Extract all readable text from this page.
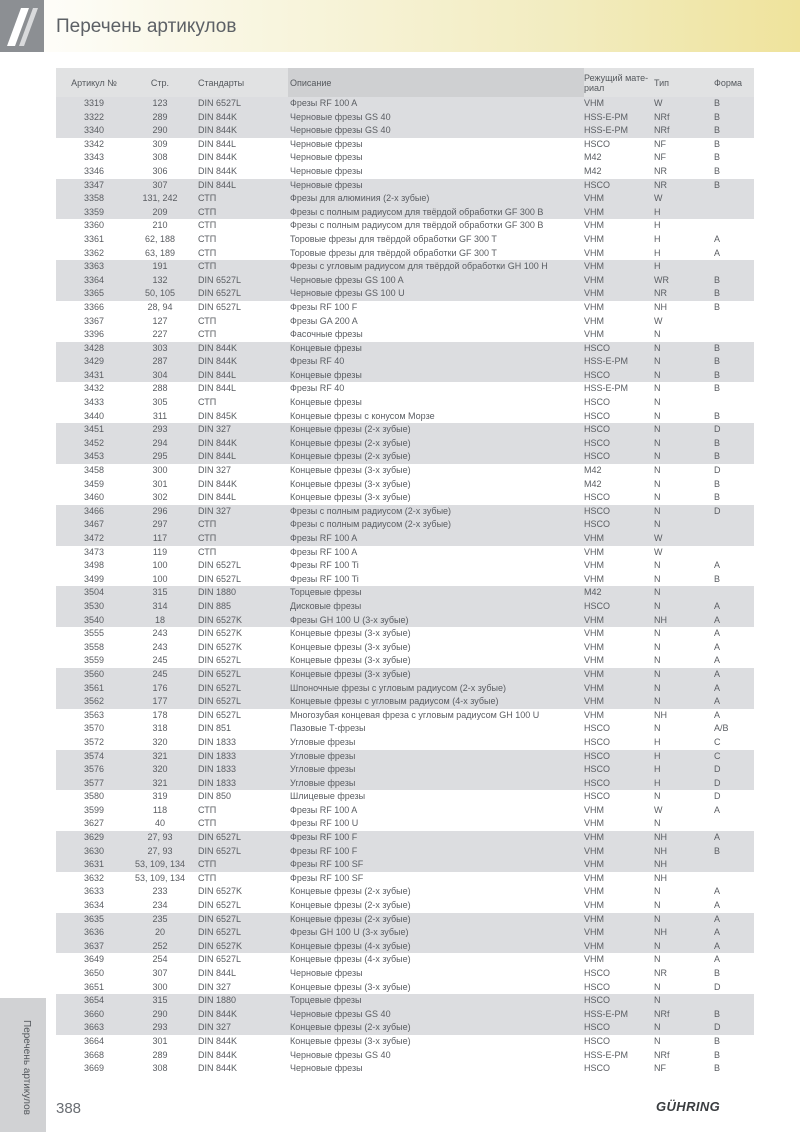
Перечень артикулов
Артикул №	Стр.	Стандарты	Описание	Режущий мате-риал	Тип	Форма
3319	123	DIN 6527L	Фрезы RF 100 A	VHM	W	B
3322	289	DIN 844K	Черновые фрезы GS 40	HSS-E-PM	NRf	B
3340	290	DIN 844K	Черновые фрезы GS 40	HSS-E-PM	NRf	B
3342	309	DIN 844L	Черновые фрезы	HSCO	NF	B
3343	308	DIN 844K	Черновые фрезы	M42	NF	B
3346	306	DIN 844K	Черновые фрезы	M42	NR	B
3347	307	DIN 844L	Черновые фрезы	HSCO	NR	B
3358	131, 242	СТП	Фрезы для алюминия (2-х зубые)	VHM	W	
3359	209	СТП	Фрезы с полным радиусом для твёрдой обработки GF 300 B	VHM	H	
3360	210	СТП	Фрезы с полным радиусом для твёрдой обработки GF 300 B	VHM	H	
3361	62, 188	СТП	Торовые фрезы для твёрдой обработки GF 300 T	VHM	H	A
3362	63, 189	СТП	Торовые фрезы для твёрдой обработки GF 300 T	VHM	H	A
3363	191	СТП	Фрезы с угловым радиусом для твёрдой обработки GH 100 H	VHM	H	
3364	132	DIN 6527L	Черновые фрезы GS 100 A	VHM	WR	B
3365	50, 105	DIN 6527L	Черновые фрезы GS 100 U	VHM	NR	B
3366	28, 94	DIN 6527L	Фрезы RF 100 F	VHM	NH	B
3367	127	СТП	Фрезы GA 200 A	VHM	W	
3396	227	СТП	Фасочные фрезы	VHM	N	
3428	303	DIN 844K	Концевые фрезы	HSCO	N	B
3429	287	DIN 844K	Фрезы RF 40	HSS-E-PM	N	B
3431	304	DIN 844L	Концевые фрезы	HSCO	N	B
3432	288	DIN 844L	Фрезы RF 40	HSS-E-PM	N	B
3433	305	СТП	Концевые фрезы	HSCO	N	
3440	311	DIN 845K	Концевые фрезы с конусом Морзе	HSCO	N	B
3451	293	DIN 327	Концевые фрезы (2-х зубые)	HSCO	N	D
3452	294	DIN 844K	Концевые фрезы (2-х зубые)	HSCO	N	B
3453	295	DIN 844L	Концевые фрезы (2-х зубые)	HSCO	N	B
3458	300	DIN 327	Концевые фрезы (3-х зубые)	M42	N	D
3459	301	DIN 844K	Концевые фрезы (3-х зубые)	M42	N	B
3460	302	DIN 844L	Концевые фрезы (3-х зубые)	HSCO	N	B
3466	296	DIN 327	Фрезы с полным радиусом (2-х зубые)	HSCO	N	D
3467	297	СТП	Фрезы с полным радиусом (2-х зубые)	HSCO	N	
3472	117	СТП	Фрезы RF 100 A	VHM	W	
3473	119	СТП	Фрезы RF 100 A	VHM	W	
3498	100	DIN 6527L	Фрезы RF 100 Ti	VHM	N	A
3499	100	DIN 6527L	Фрезы RF 100 Ti	VHM	N	B
3504	315	DIN 1880	Торцевые фрезы	M42	N	
3530	314	DIN 885	Дисковые фрезы	HSCO	N	A
3540	18	DIN 6527K	Фрезы GH 100 U (3-х зубые)	VHM	NH	A
3555	243	DIN 6527K	Концевые фрезы (3-х зубые)	VHM	N	A
3558	243	DIN 6527K	Концевые фрезы (3-х зубые)	VHM	N	A
3559	245	DIN 6527L	Концевые фрезы (3-х зубые)	VHM	N	A
3560	245	DIN 6527L	Концевые фрезы (3-х зубые)	VHM	N	A
3561	176	DIN 6527L	Шпоночные фрезы с угловым радиусом (2-х зубые)	VHM	N	A
3562	177	DIN 6527L	Концевые фрезы с угловым радиусом (4-х зубые)	VHM	N	A
3563	178	DIN 6527L	Многозубая концевая фреза с угловым радиусом GH 100 U	VHM	NH	A
3570	318	DIN 851	Пазовые Т-фрезы	HSCO	N	A/B
3572	320	DIN 1833	Угловые фрезы	HSCO	H	C
3574	321	DIN 1833	Угловые фрезы	HSCO	H	C
3576	320	DIN 1833	Угловые фрезы	HSCO	H	D
3577	321	DIN 1833	Угловые фрезы	HSCO	H	D
3580	319	DIN 850	Шлицевые фрезы	HSCO	N	D
3599	118	СТП	Фрезы RF 100 A	VHM	W	A
3627	40	СТП	Фрезы RF 100 U	VHM	N	
3629	27, 93	DIN 6527L	Фрезы RF 100 F	VHM	NH	A
3630	27, 93	DIN 6527L	Фрезы RF 100 F	VHM	NH	B
3631	53, 109, 134	СТП	Фрезы RF 100 SF	VHM	NH	
3632	53, 109, 134	СТП	Фрезы RF 100 SF	VHM	NH	
3633	233	DIN 6527K	Концевые фрезы (2-х зубые)	VHM	N	A
3634	234	DIN 6527L	Концевые фрезы (2-х зубые)	VHM	N	A
3635	235	DIN 6527L	Концевые фрезы (2-х зубые)	VHM	N	A
3636	20	DIN 6527L	Фрезы GH 100 U (3-х зубые)	VHM	NH	A
3637	252	DIN 6527K	Концевые фрезы (4-х зубые)	VHM	N	A
3649	254	DIN 6527L	Концевые фрезы (4-х зубые)	VHM	N	A
3650	307	DIN 844L	Черновые фрезы	HSCO	NR	B
3651	300	DIN 327	Концевые фрезы (3-х зубые)	HSCO	N	D
3654	315	DIN 1880	Торцевые фрезы	HSCO	N	
3660	290	DIN 844K	Черновые фрезы GS 40	HSS-E-PM	NRf	B
3663	293	DIN 327	Концевые фрезы (2-х зубые)	HSCO	N	D
3664	301	DIN 844K	Концевые фрезы (3-х зубые)	HSCO	N	B
3668	289	DIN 844K	Черновые фрезы GS 40	HSS-E-PM	NRf	B
3669	308	DIN 844K	Черновые фрезы	HSCO	NF	B
Перечень артикулов 388	GÜHRING
